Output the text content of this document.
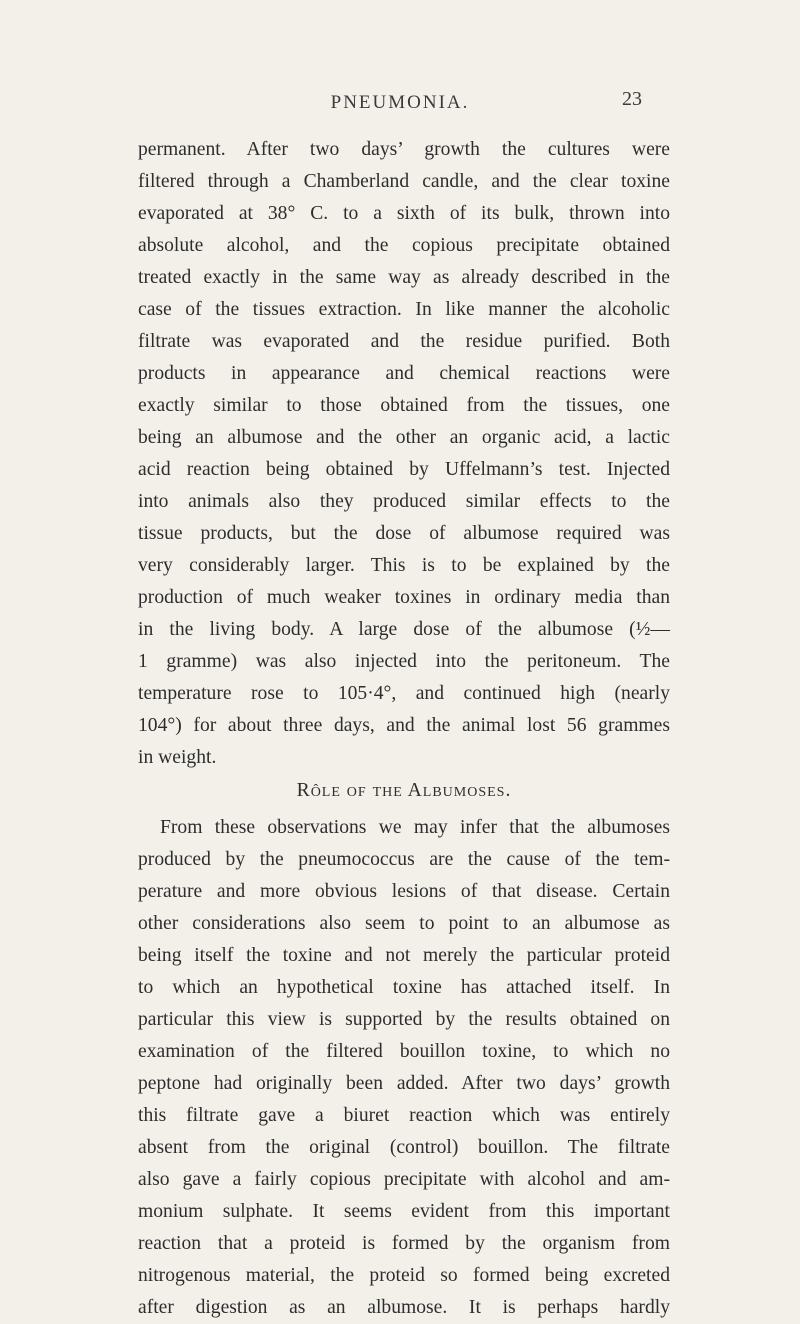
PNEUMONIA.	23
permanent. After two days’ growth the cultures were
filtered through a Chamberland candle, and the clear toxine
evaporated at 38° C. to a sixth of its bulk, thrown into
absolute alcohol, and the copious precipitate obtained
treated exactly in the same way as already described in the
case of the tissues extraction. In like manner the alcoholic
filtrate was evaporated and the residue purified. Both
products in appearance and chemical reactions were
exactly similar to those obtained from the tissues, one
being an albumose and the other an organic acid, a lactic
acid reaction being obtained by Uffelmann’s test. Injected
into animals also they produced similar effects to the
tissue products, but the dose of albumose required was
very considerably larger. This is to be explained by the
production of much weaker toxines in ordinary media than
in the living body. A large dose of the albumose (½—
1 gramme) was also injected into the peritoneum. The
temperature rose to 105·4°, and continued high (nearly
104°) for about three days, and the animal lost 56 grammes
in weight.
Rôle of the Albumoses.
From these observations we may infer that the albumoses
produced by the pneumococcus are the cause of the tem-
perature and more obvious lesions of that disease. Certain
other considerations also seem to point to an albumose as
being itself the toxine and not merely the particular proteid
to which an hypothetical toxine has attached itself. In
particular this view is supported by the results obtained on
examination of the filtered bouillon toxine, to which no
peptone had originally been added. After two days’ growth
this filtrate gave a biuret reaction which was entirely
absent from the original (control) bouillon. The filtrate
also gave a fairly copious precipitate with alcohol and am-
monium sulphate. It seems evident from this important
reaction that a proteid is formed by the organism from
nitrogenous material, the proteid so formed being excreted
after digestion as an albumose. It is perhaps hardly
